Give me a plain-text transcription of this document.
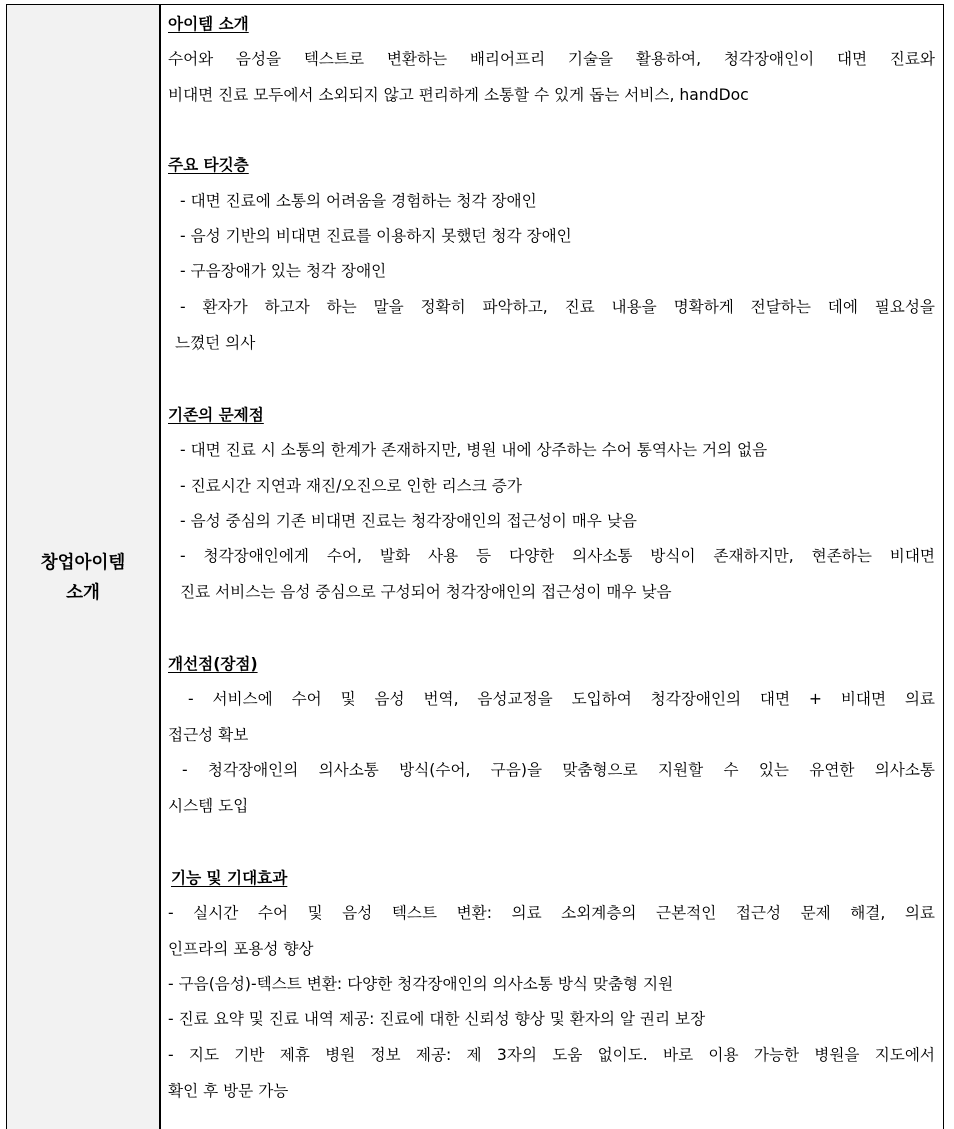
창업아이템
소개
아이템 소개
수어와 음성을 텍스트로 변환하는 배리어프리 기술을 활용하여, 청각장애인이 대면 진료와
비대면 진료 모두에서 소외되지 않고 편리하게 소통할 수 있게 돕는 서비스, handDoc
주요 타깃층
- 대면 진료에 소통의 어려움을 경험하는 청각 장애인
- 음성 기반의 비대면 진료를 이용하지 못했던 청각 장애인
- 구음장애가 있는 청각 장애인
- 환자가 하고자 하는 말을 정확히 파악하고, 진료 내용을 명확하게 전달하는 데에 필요성을
느꼈던 의사
기존의 문제점
- 대면 진료 시 소통의 한계가 존재하지만, 병원 내에 상주하는 수어 통역사는 거의 없음
- 진료시간 지연과 재진/오진으로 인한 리스크 증가
- 음성 중심의 기존 비대면 진료는 청각장애인의 접근성이 매우 낮음
- 청각장애인에게 수어, 발화 사용 등 다양한 의사소통 방식이 존재하지만, 현존하는 비대면
진료 서비스는 음성 중심으로 구성되어 청각장애인의 접근성이 매우 낮음
개선점(장점)
- 서비스에 수어 및 음성 번역, 음성교정을 도입하여 청각장애인의 대면 + 비대면 의료
접근성 확보
- 청각장애인의 의사소통 방식(수어, 구음)을 맞춤형으로 지원할 수 있는 유연한 의사소통
시스템 도입
기능 및 기대효과
- 실시간 수어 및 음성 텍스트 변환: 의료 소외계층의 근본적인 접근성 문제 해결, 의료
인프라의 포용성 향상
- 구음(음성)-텍스트 변환: 다양한 청각장애인의 의사소통 방식 맞춤형 지원
- 진료 요약 및 진료 내역 제공: 진료에 대한 신뢰성 향상 및 환자의 알 권리 보장
- 지도 기반 제휴 병원 정보 제공: 제 3자의 도움 없이도. 바로 이용 가능한 병원을 지도에서
확인 후 방문 가능
